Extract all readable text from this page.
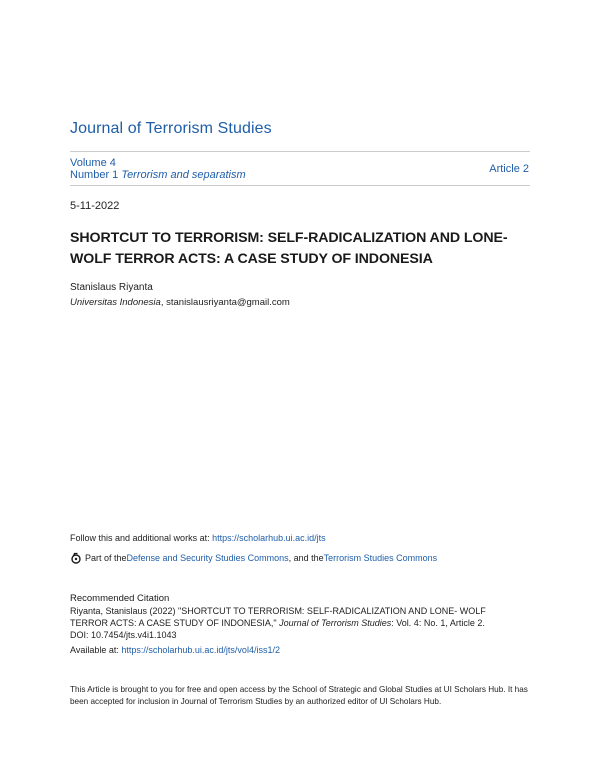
Journal of Terrorism Studies
Volume 4
Number 1 Terrorism and separatism	Article 2
5-11-2022
SHORTCUT TO TERRORISM: SELF-RADICALIZATION AND LONE-WOLF TERROR ACTS: A CASE STUDY OF INDONESIA
Stanislaus Riyanta
Universitas Indonesia, stanislausriyanta@gmail.com
Follow this and additional works at: https://scholarhub.ui.ac.id/jts
Part of the Defense and Security Studies Commons , and the Terrorism Studies Commons
Recommended Citation
Riyanta, Stanislaus (2022) "SHORTCUT TO TERRORISM: SELF-RADICALIZATION AND LONE- WOLF TERROR ACTS: A CASE STUDY OF INDONESIA," Journal of Terrorism Studies: Vol. 4: No. 1, Article 2.
DOI: 10.7454/jts.v4i1.1043
Available at: https://scholarhub.ui.ac.id/jts/vol4/iss1/2
This Article is brought to you for free and open access by the School of Strategic and Global Studies at UI Scholars Hub. It has been accepted for inclusion in Journal of Terrorism Studies by an authorized editor of UI Scholars Hub.
